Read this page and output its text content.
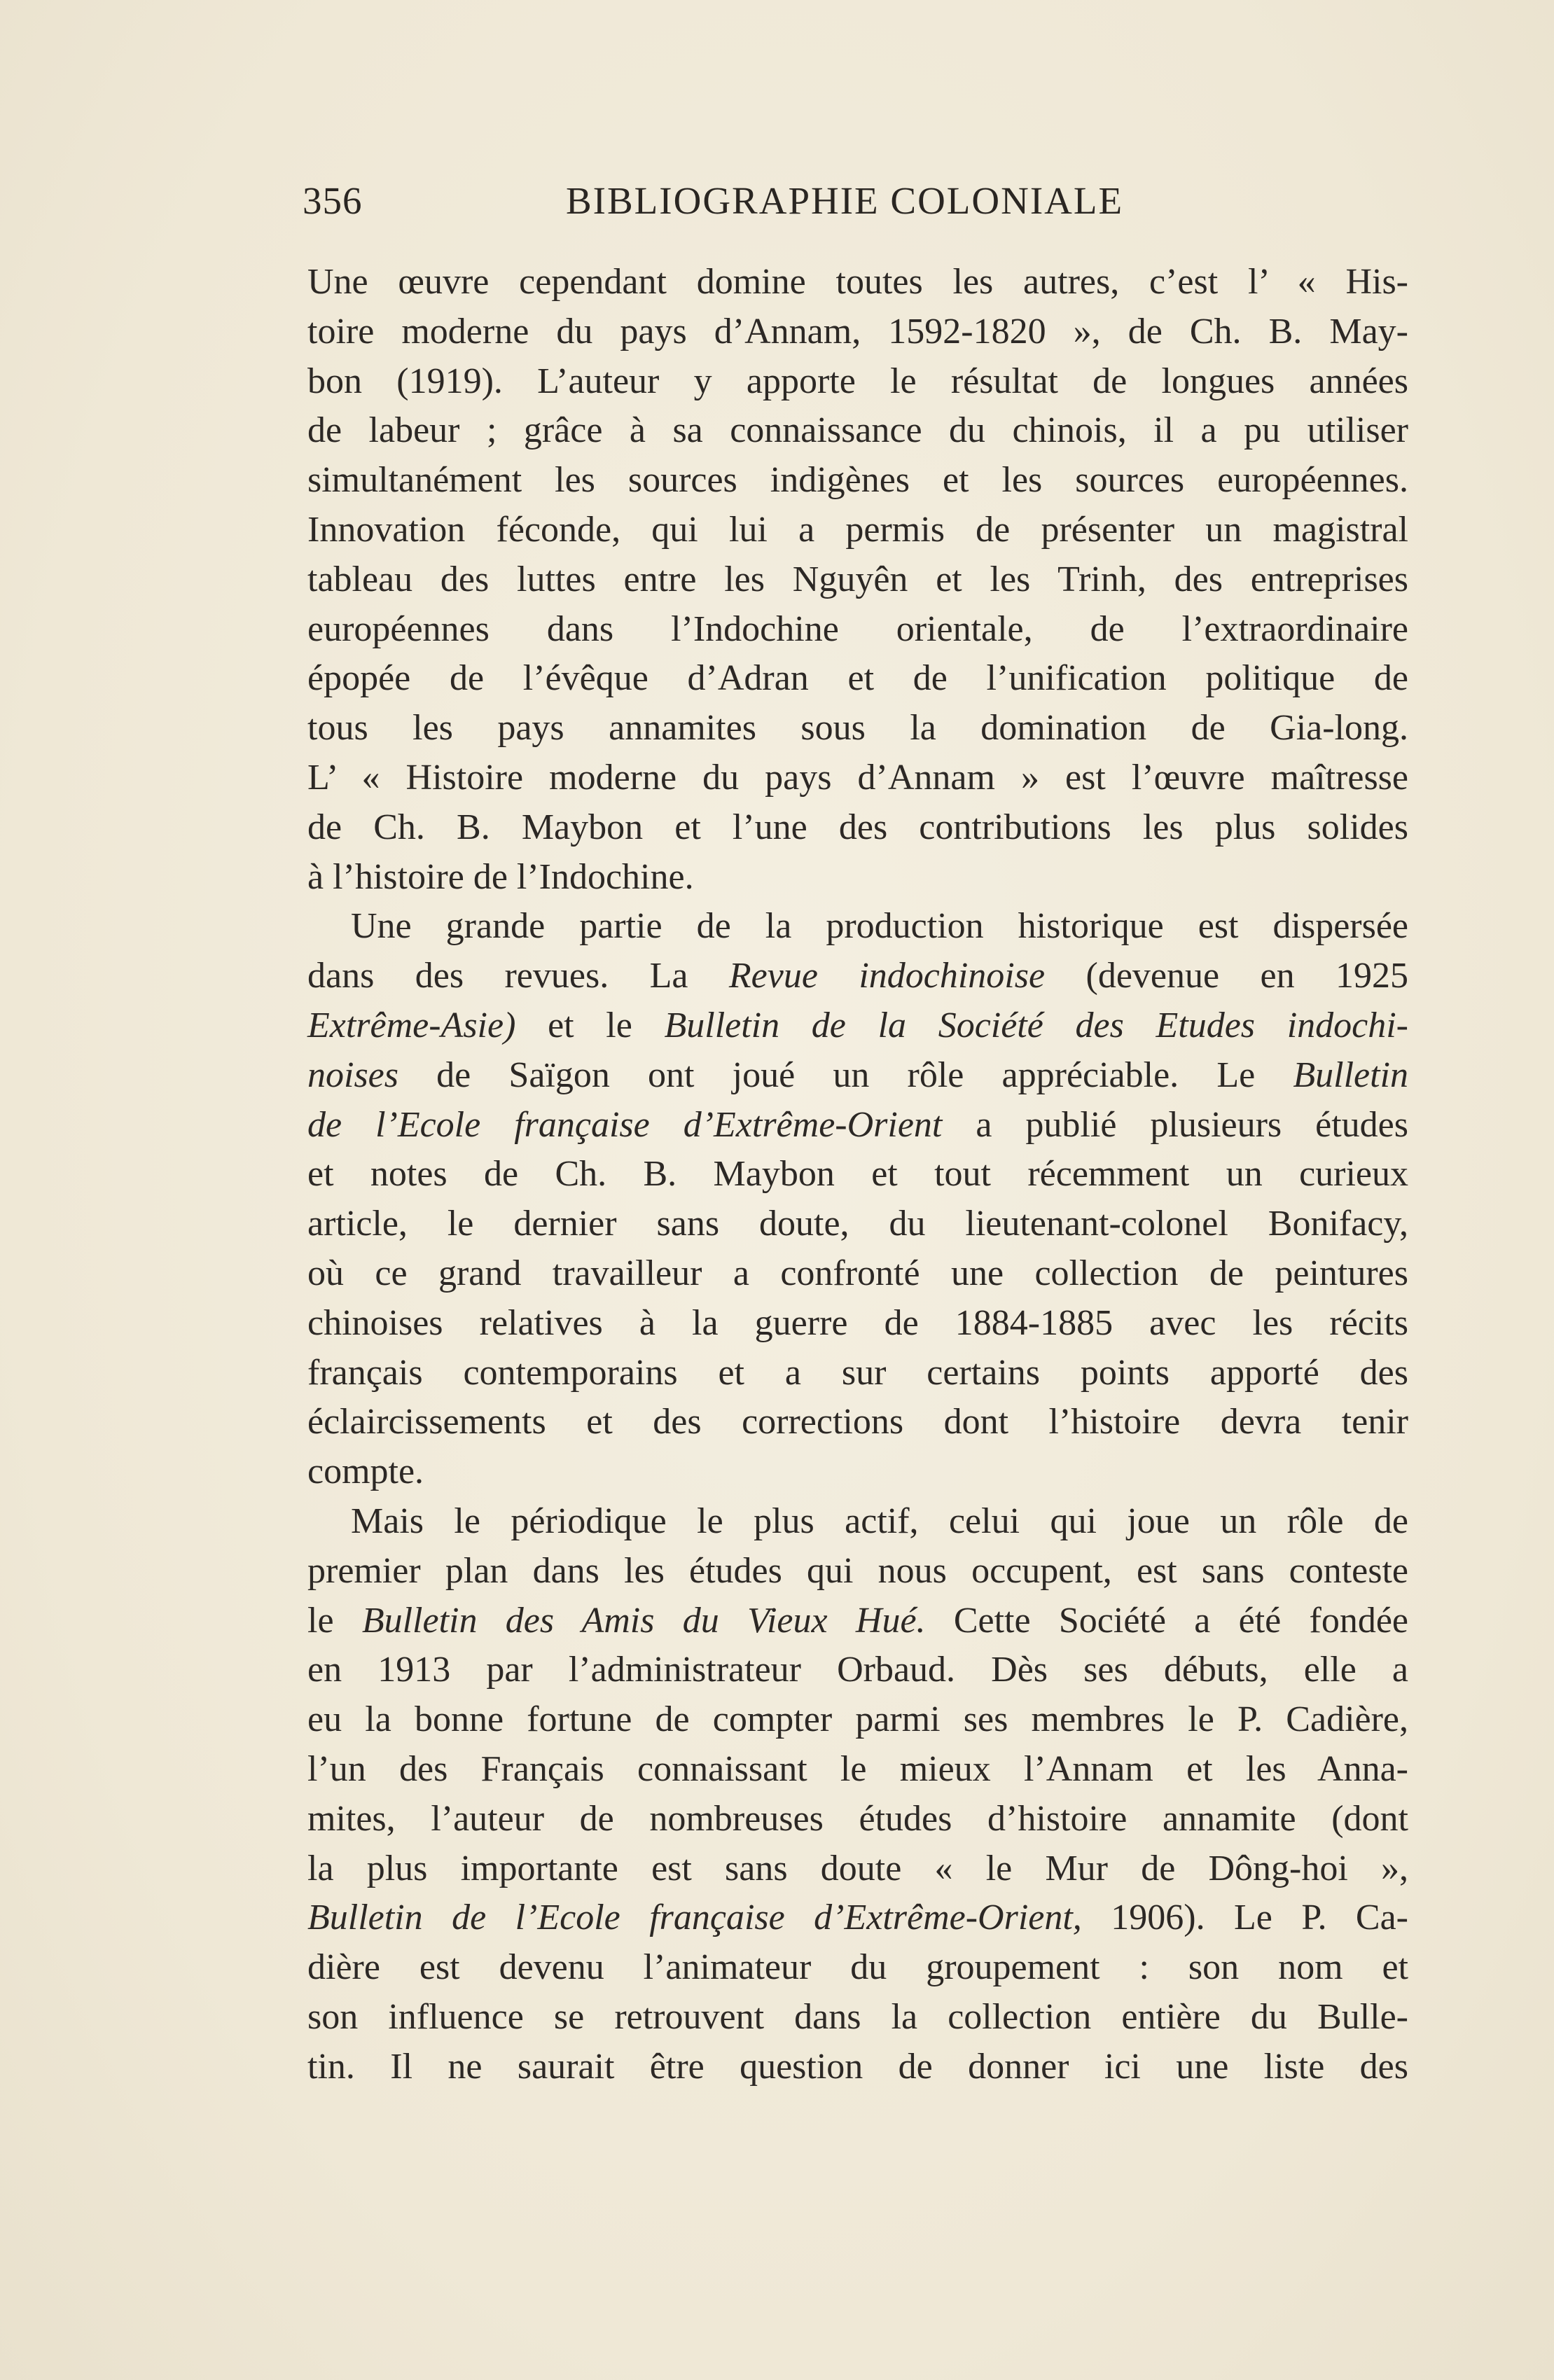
356	BIBLIOGRAPHIE COLONIALE
Une œuvre cependant domine toutes les autres, c’est l’ « His-
toire moderne du pays d’Annam, 1592-1820 », de Ch. B. May-
bon (1919). L’auteur y apporte le résultat de longues années
de labeur ; grâce à sa connaissance du chinois, il a pu utiliser
simultanément les sources indigènes et les sources européennes.
Innovation féconde, qui lui a permis de présenter un magistral
tableau des luttes entre les Nguyên et les Trinh, des entreprises
européennes dans l’Indochine orientale, de l’extraordinaire
épopée de l’évêque d’Adran et de l’unification politique de
tous les pays annamites sous la domination de Gia-long.
L’ « Histoire moderne du pays d’Annam » est l’œuvre maîtresse
de Ch. B. Maybon et l’une des contributions les plus solides
à l’histoire de l’Indochine.
Une grande partie de la production historique est dispersée
dans des revues. La Revue indochinoise (devenue en 1925
Extrême-Asie) et le Bulletin de la Société des Etudes indochi-
noises de Saïgon ont joué un rôle appréciable. Le Bulletin
de l’Ecole française d’Extrême-Orient a publié plusieurs études
et notes de Ch. B. Maybon et tout récemment un curieux
article, le dernier sans doute, du lieutenant-colonel Bonifacy,
où ce grand travailleur a confronté une collection de peintures
chinoises relatives à la guerre de 1884-1885 avec les récits
français contemporains et a sur certains points apporté des
éclaircissements et des corrections dont l’histoire devra tenir
compte.
Mais le périodique le plus actif, celui qui joue un rôle de
premier plan dans les études qui nous occupent, est sans conteste
le Bulletin des Amis du Vieux Hué. Cette Société a été fondée
en 1913 par l’administrateur Orbaud. Dès ses débuts, elle a
eu la bonne fortune de compter parmi ses membres le P. Cadière,
l’un des Français connaissant le mieux l’Annam et les Anna-
mites, l’auteur de nombreuses études d’histoire annamite (dont
la plus importante est sans doute « le Mur de Dông-hoi »,
Bulletin de l’Ecole française d’Extrême-Orient, 1906). Le P. Ca-
dière est devenu l’animateur du groupement : son nom et
son influence se retrouvent dans la collection entière du Bulle-
tin. Il ne saurait être question de donner ici une liste des
